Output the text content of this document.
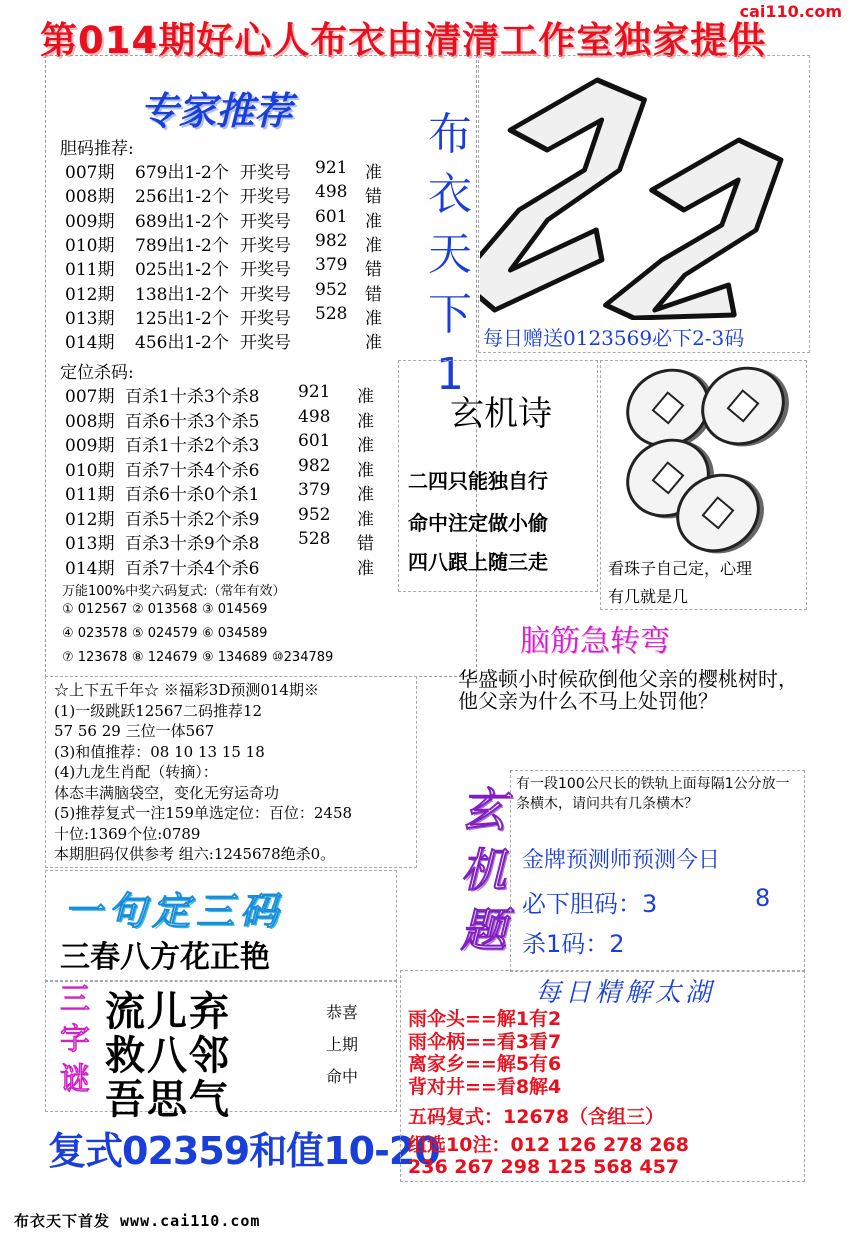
第014期好心人布衣由清清工作室独家提供
cai110.com
专家推荐
胆码推荐:
007期 679出1-2个 开奖号 921 准
008期 256出1-2个 开奖号 498 错
009期 689出1-2个 开奖号 601 准
010期 789出1-2个 开奖号 982 准
011期 025出1-2个 开奖号 379 错
012期 138出1-2个 开奖号 952 错
013期 125出1-2个 开奖号 528 准
014期 456出1-2个 开奖号	准
定位杀码:
007期 百杀1十杀3个杀8 921 准
008期 百杀6十杀3个杀5 498 准
009期 百杀1十杀2个杀3 601 准
010期 百杀7十杀4个杀6 982 准
011期 百杀6十杀0个杀1 379 准
012期 百杀5十杀2个杀9 952 准
013期 百杀3十杀9个杀8 528 错
014期 百杀7十杀4个杀6	准
万能100%中奖六码复式:（常年有效）
① 012567 ② 013568 ③ 014569
④ 023578 ⑤ 024579 ⑥ 034589
⑦ 123678 ⑧ 124679 ⑨ 134689 ⑩234789
布衣天下1
每日赠送0123569必下2-3码
玄机诗
二四只能独自行
命中注定做小偷
四八跟上随三走	看珠子自己定，心理
有几就是几
脑筋急转弯
华盛顿小时候砍倒他父亲的樱桃树时，他父亲为什么不马上处罚他？
☆上下五千年☆ ※福彩3D预测014期※
(1)一级跳跃12567二码推荐12
57 56 29 三位一体567
(3)和值推荐：08 10 13 15 18
(4)九龙生肖配（转摘）：
体态丰满脑袋空，变化无穷运奇功
(5)推荐复式一注159单选定位：百位：2458
十位:1369个位:0789
本期胆码仅供参考 组六:1245678绝杀0。
玄机题
有一段100公尺长的铁轨上面每隔1公分放一条横木，请问共有几条横木？
金牌预测师预测今日
必下胆码：3	8
杀1码：2
一句定三码
三春八方花正艳
三字谜
流儿弃
救八邻
吾思气
恭喜
上期
命中
复式02359和值10-20
每日精解太湖
雨伞头==解1有2
雨伞柄==看3看7
离家乡==解5有6
背对井==看8解4
五码复式：12678（含组三）
组选10注：012 126 278 268
236 267 298 125 568 457
布衣天下首发 www.cai110.com
